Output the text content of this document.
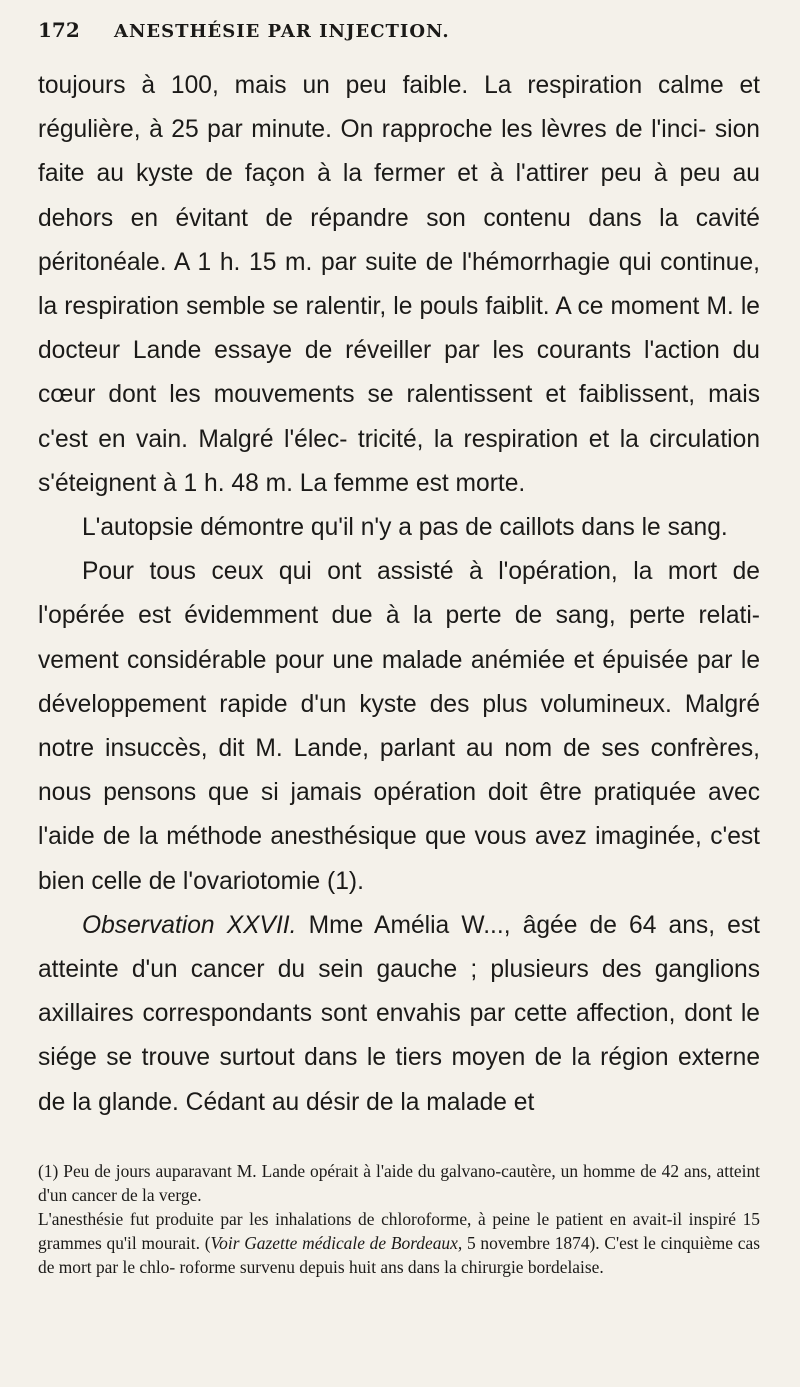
172	ANESTHÉSIE PAR INJECTION.

toujours à 100, mais un peu faible. La respiration calme et régulière, à 25 par minute. On rapproche les lèvres de l'inci- sion faite au kyste de façon à la fermer et à l'attirer peu à peu au dehors en évitant de répandre son contenu dans la cavité péritonéale. A 1 h. 15 m. par suite de l'hémorrhagie qui continue, la respiration semble se ralentir, le pouls faiblit. A ce moment M. le docteur Lande essaye de réveiller par les courants l'action du cœur dont les mouvements se ralentissent et faiblissent, mais c'est en vain. Malgré l'élec- tricité, la respiration et la circulation s'éteignent à 1 h. 48 m. La femme est morte.

L'autopsie démontre qu'il n'y a pas de caillots dans le sang.

Pour tous ceux qui ont assisté à l'opération, la mort de l'opérée est évidemment due à la perte de sang, perte relati- vement considérable pour une malade anémiée et épuisée par le développement rapide d'un kyste des plus volumineux. Malgré notre insuccès, dit M. Lande, parlant au nom de ses confrères, nous pensons que si jamais opération doit être pratiquée avec l'aide de la méthode anesthésique que vous avez imaginée, c'est bien celle de l'ovariotomie (1).

Observation XXVII. Mme Amélia W..., âgée de 64 ans, est atteinte d'un cancer du sein gauche ; plusieurs des ganglions axillaires correspondants sont envahis par cette affection, dont le siége se trouve surtout dans le tiers moyen de la région externe de la glande. Cédant au désir de la malade et

(1) Peu de jours auparavant M. Lande opérait à l'aide du galvano-cautère, un homme de 42 ans, atteint d'un cancer de la verge.

L'anesthésie fut produite par les inhalations de chloroforme, à peine le patient en avait-il inspiré 15 grammes qu'il mourait. (Voir Gazette médicale de Bordeaux, 5 novembre 1874). C'est le cinquième cas de mort par le chlo- roforme survenu depuis huit ans dans la chirurgie bordelaise.
